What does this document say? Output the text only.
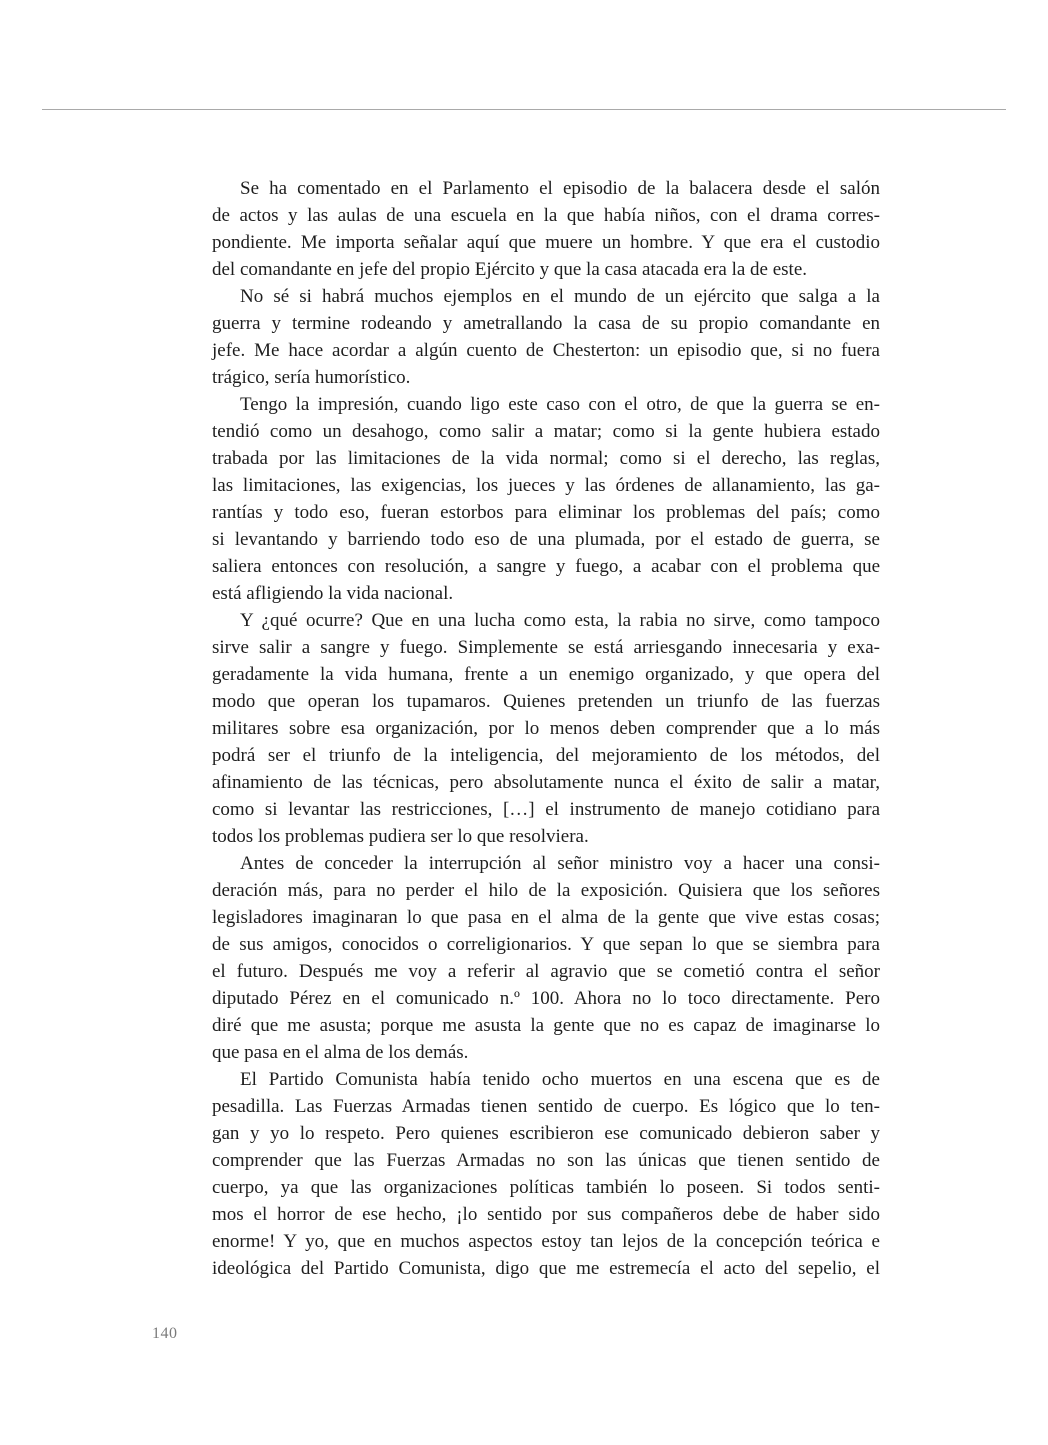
Se ha comentado en el Parlamento el episodio de la balacera desde el salón
de actos y las aulas de una escuela en la que había niños, con el drama corres-
pondiente. Me importa señalar aquí que muere un hombre. Y que era el custodio
del comandante en jefe del propio Ejército y que la casa atacada era la de este.
No sé si habrá muchos ejemplos en el mundo de un ejército que salga a la
guerra y termine rodeando y ametrallando la casa de su propio comandante en
jefe. Me hace acordar a algún cuento de Chesterton: un episodio que, si no fuera
trágico, sería humorístico.
Tengo la impresión, cuando ligo este caso con el otro, de que la guerra se en-
tendió como un desahogo, como salir a matar; como si la gente hubiera estado
trabada por las limitaciones de la vida normal; como si el derecho, las reglas,
las limitaciones, las exigencias, los jueces y las órdenes de allanamiento, las ga-
rantías y todo eso, fueran estorbos para eliminar los problemas del país; como
si levantando y barriendo todo eso de una plumada, por el estado de guerra, se
saliera entonces con resolución, a sangre y fuego, a acabar con el problema que
está afligiendo la vida nacional.
Y ¿qué ocurre? Que en una lucha como esta, la rabia no sirve, como tampoco
sirve salir a sangre y fuego. Simplemente se está arriesgando innecesaria y exa-
geradamente la vida humana, frente a un enemigo organizado, y que opera del
modo que operan los tupamaros. Quienes pretenden un triunfo de las fuerzas
militares sobre esa organización, por lo menos deben comprender que a lo más
podrá ser el triunfo de la inteligencia, del mejoramiento de los métodos, del
afinamiento de las técnicas, pero absolutamente nunca el éxito de salir a matar,
como si levantar las restricciones, […] el instrumento de manejo cotidiano para
todos los problemas pudiera ser lo que resolviera.
Antes de conceder la interrupción al señor ministro voy a hacer una consi-
deración más, para no perder el hilo de la exposición. Quisiera que los señores
legisladores imaginaran lo que pasa en el alma de la gente que vive estas cosas;
de sus amigos, conocidos o correligionarios. Y que sepan lo que se siembra para
el futuro. Después me voy a referir al agravio que se cometió contra el señor
diputado Pérez en el comunicado n.º 100. Ahora no lo toco directamente. Pero
diré que me asusta; porque me asusta la gente que no es capaz de imaginarse lo
que pasa en el alma de los demás.
El Partido Comunista había tenido ocho muertos en una escena que es de
pesadilla. Las Fuerzas Armadas tienen sentido de cuerpo. Es lógico que lo ten-
gan y yo lo respeto. Pero quienes escribieron ese comunicado debieron saber y
comprender que las Fuerzas Armadas no son las únicas que tienen sentido de
cuerpo, ya que las organizaciones políticas también lo poseen. Si todos senti-
mos el horror de ese hecho, ¡lo sentido por sus compañeros debe de haber sido
enorme! Y yo, que en muchos aspectos estoy tan lejos de la concepción teórica e
ideológica del Partido Comunista, digo que me estremecía el acto del sepelio, el
140
